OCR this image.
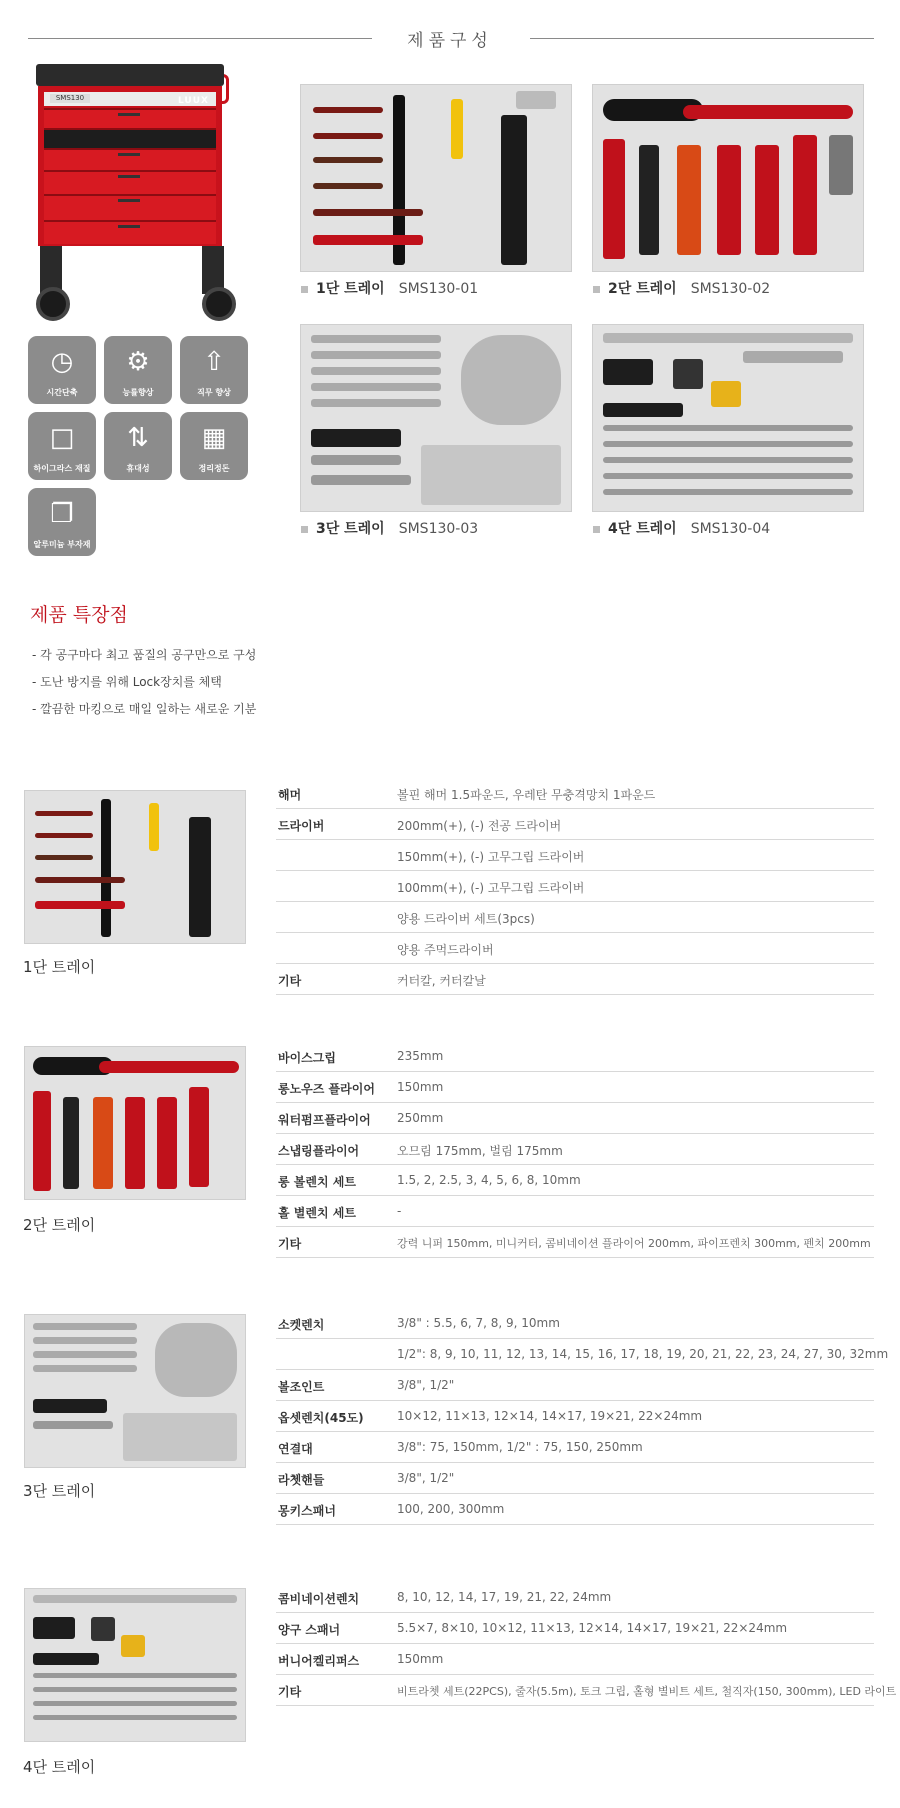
제품구성
SMS130	LUUX
◷
시간단축
⚙
능률향상
⇧
직무 향상
□
하이그라스 재질
⇅
휴대성
▦
정리정돈
❐
알루미늄 부자재
1단 트레이 SMS130-01	2단 트레이 SMS130-02
3단 트레이 SMS130-03	4단 트레이 SMS130-04
제품 특장점
- 각 공구마다 최고 품질의 공구만으로 구성
- 도난 방지를 위해 Lock장치를 체택
- 깔끔한 마킹으로 매일 일하는 새로운 기분
1단 트레이
해머	볼핀 해머 1.5파운드, 우레탄 무충격망치 1파운드
드라이버	200mm(+), (-) 전공 드라이버
150mm(+), (-) 고무그립 드라이버
100mm(+), (-) 고무그립 드라이버
양용 드라이버 세트(3pcs)
양용 주먹드라이버
기타	커터칼, 커터칼날
2단 트레이
바이스그립	235mm
롱노우즈 플라이어 150mm
워터펌프플라이어 250mm
스냅링플라이어	오므림 175mm, 벌림 175mm
롱 볼렌치 세트	1.5, 2, 2.5, 3, 4, 5, 6, 8, 10mm
홀 별렌치 세트	-
기타	강력 니퍼 150mm, 미니커터, 콤비네이션 플라이어 200mm, 파이프렌치 300mm, 펜치 200mm
3단 트레이
소켓렌치	3/8" : 5.5, 6, 7, 8, 9, 10mm
1/2": 8, 9, 10, 11, 12, 13, 14, 15, 16, 17, 18, 19, 20, 21, 22, 23, 24, 27, 30, 32mm
볼조인트	3/8", 1/2"
옵셋렌치(45도)	10×12, 11×13, 12×14, 14×17, 19×21, 22×24mm
연결대	3/8": 75, 150mm, 1/2" : 75, 150, 250mm
라쳇핸들	3/8", 1/2"
몽키스패너	100, 200, 300mm
4단 트레이
콤비네이션렌치	8, 10, 12, 14, 17, 19, 21, 22, 24mm
양구 스패너	5.5×7, 8×10, 10×12, 11×13, 12×14, 14×17, 19×21, 22×24mm
버니어켈리퍼스	150mm
기타	비트라쳇 세트(22PCS), 줄자(5.5m), 토크 그립, 홀형 별비트 세트, 철직자(150, 300mm), LED 라이트
